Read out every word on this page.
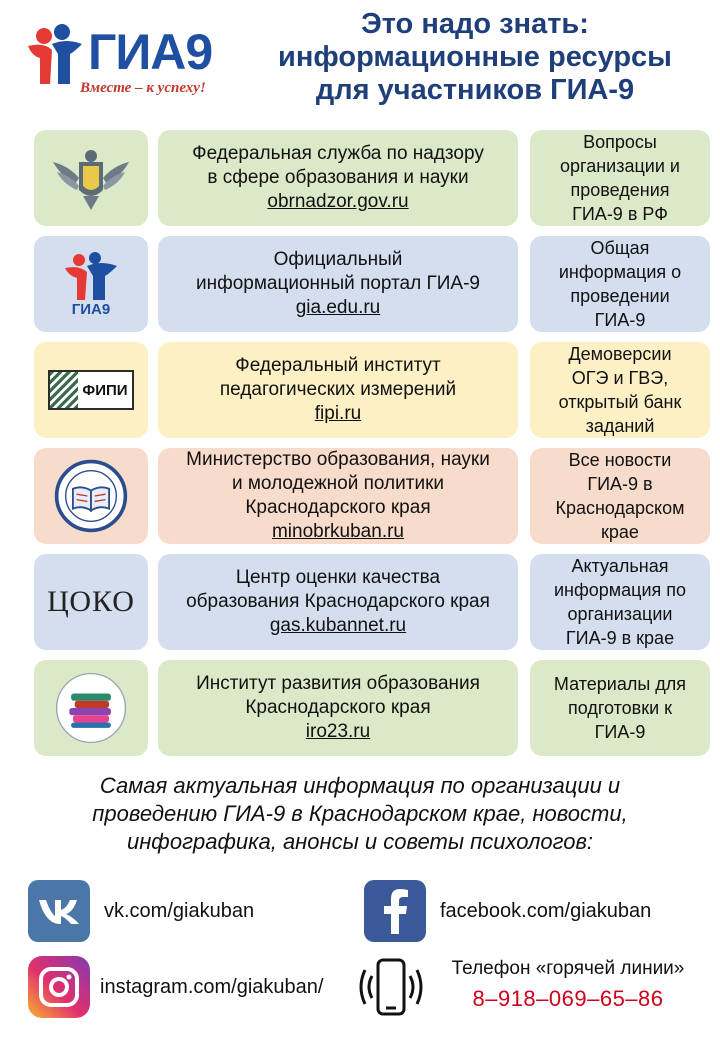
ГИА9
Вместе – к успеху!
Это надо знать:
информационные ресурсы
для участников ГИА-9
Федеральная служба по надзору
в сфере образования и науки
obrnadzor.gov.ru
Вопросы
организации и
проведения
ГИА-9 в РФ
ГИА9
Официальный
информационный портал ГИА-9
gia.edu.ru
Общая
информация о
проведении
ГИА-9
ФИПИ
Федеральный институт
педагогических измерений
fipi.ru
Демоверсии
ОГЭ и ГВЭ,
открытый банк
заданий
Министерство образования, науки
и молодежной политики
Краснодарского края
minobrkuban.ru
Все новости
ГИА-9 в
Краснодарском
крае
ЦОКО
Центр оценки качества
образования Краснодарского края
gas.kubannet.ru
Актуальная
информация по
организации
ГИА-9 в крае
Институт развития образования
Краснодарского края
iro23.ru
Материалы для
подготовки к
ГИА-9
Самая актуальная информация по организации и
проведению ГИА-9 в Краснодарском крае, новости,
инфографика, анонсы и советы психологов:
vk.com/giakuban	facebook.com/giakuban
instagram.com/giakuban/
Телефон «горячей линии»
8–918–069–65–86
